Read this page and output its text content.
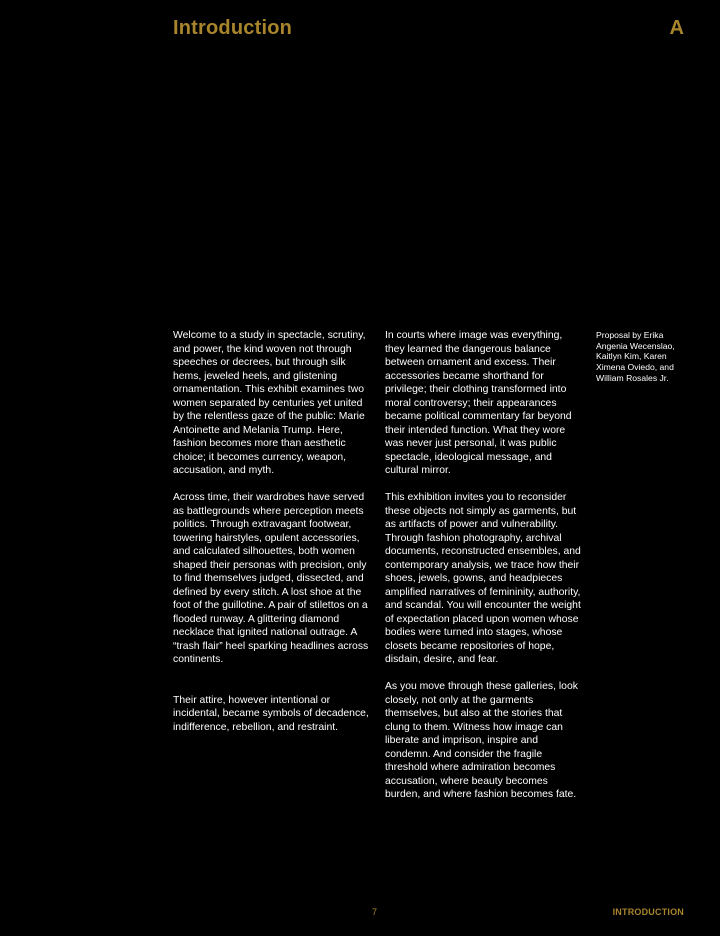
Introduction	A

Welcome to a study in spectacle, scrutiny, and power, the kind woven not through speeches or decrees, but through silk hems, jeweled heels, and glistening ornamentation. This exhibit examines two women separated by centuries yet united by the relentless gaze of the public: Marie Antoinette and Melania Trump. Here, fashion becomes more than aesthetic choice; it becomes currency, weapon, accusation, and myth.

Across time, their wardrobes have served as battlegrounds where perception meets politics. Through extravagant footwear, towering hairstyles, opulent accessories, and calculated silhouettes, both women shaped their personas with precision, only to find themselves judged, dissected, and defined by every stitch. A lost shoe at the foot of the guillotine. A pair of stilettos on a flooded runway. A glittering diamond necklace that ignited national outrage. A “trash flair” heel sparking headlines across continents.

Their attire, however intentional or incidental, became symbols of decadence, indifference, rebellion, and restraint.

In courts where image was everything, they learned the dangerous balance between ornament and excess. Their accessories became shorthand for privilege; their clothing transformed into moral controversy; their appearances became political commentary far beyond their intended function. What they wore was never just personal, it was public spectacle, ideological message, and cultural mirror.

This exhibition invites you to reconsider these objects not simply as garments, but as artifacts of power and vulnerability. Through fashion photography, archival documents, reconstructed ensembles, and contemporary analysis, we trace how their shoes, jewels, gowns, and headpieces amplified narratives of femininity, authority, and scandal. You will encounter the weight of expectation placed upon women whose bodies were turned into stages, whose closets became repositories of hope, disdain, desire, and fear.

As you move through these galleries, look closely, not only at the garments themselves, but also at the stories that clung to them. Witness how image can liberate and imprison, inspire and condemn. And consider the fragile threshold where admiration becomes accusation, where beauty becomes burden, and where fashion becomes fate.

Proposal by Erika Angenia Wecenslao, Kaitlyn Kim, Karen Ximena Oviedo, and William Rosales Jr.

7	INTRODUCTION
